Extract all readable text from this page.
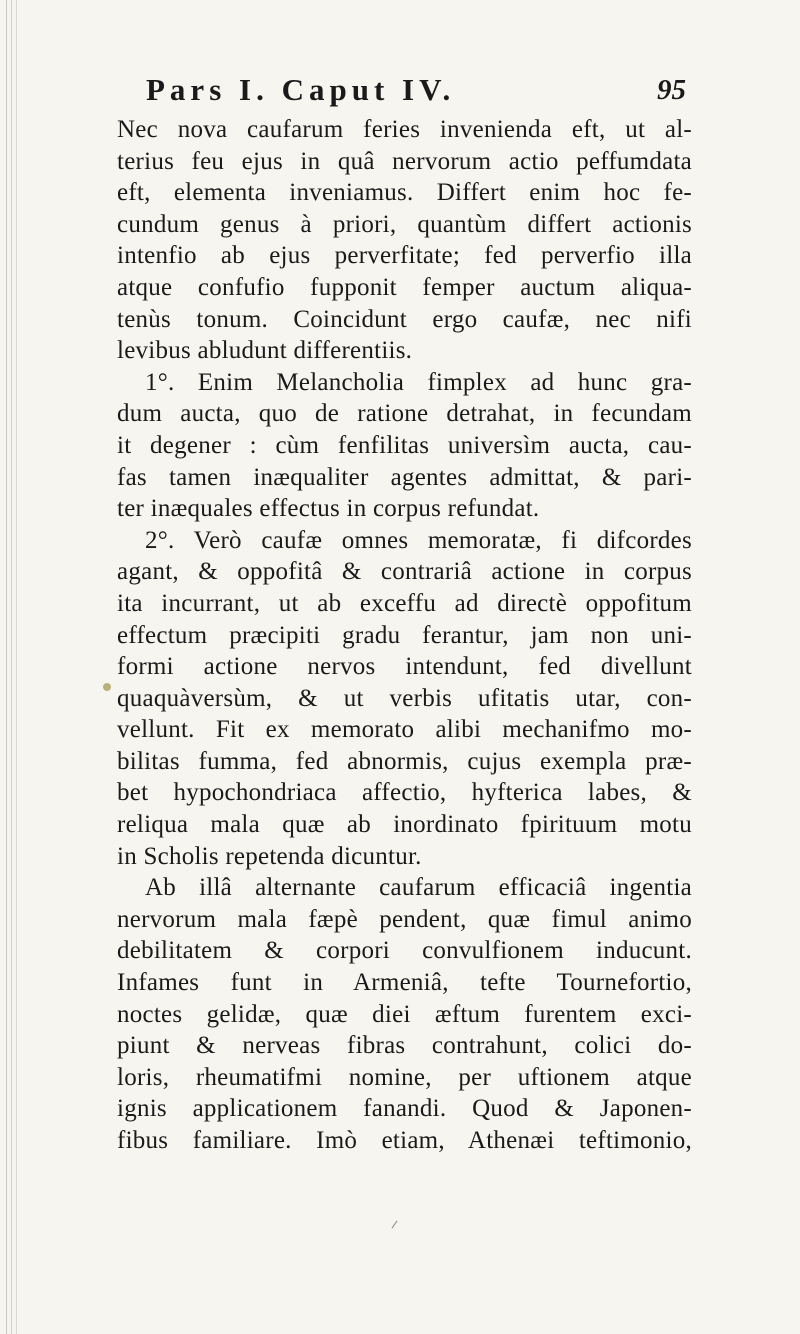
Pars I. Caput IV.	95
Nec nova caufarum feries invenienda eft, ut al-
terius feu ejus in quâ nervorum actio peffumdata
eft, elementa inveniamus. Differt enim hoc fe-
cundum genus à priori, quantùm differt actionis
intenfio ab ejus perverfitate; fed perverfio illa
atque confufio fupponit femper auctum aliqua-
tenùs tonum. Coincidunt ergo caufæ, nec nifi
levibus abludunt differentiis.
1°. Enim Melancholia fimplex ad hunc gra-
dum aucta, quo de ratione detrahat, in fecundam
it degener : cùm fenfilitas universìm aucta, cau-
fas tamen inæqualiter agentes admittat, & pari-
ter inæquales effectus in corpus refundat.
2°. Verò caufæ omnes memoratæ, fi difcordes
agant, & oppofitâ & contrariâ actione in corpus
ita incurrant, ut ab exceffu ad directè oppofitum
effectum præcipiti gradu ferantur, jam non uni-
formi actione nervos intendunt, fed divellunt
quaquàversùm, & ut verbis ufitatis utar, con-
vellunt. Fit ex memorato alibi mechanifmo mo-
bilitas fumma, fed abnormis, cujus exempla præ-
bet hypochondriaca affectio, hyfterica labes, &
reliqua mala quæ ab inordinato fpirituum motu
in Scholis repetenda dicuntur.
Ab illâ alternante caufarum efficaciâ ingentia
nervorum mala fæpè pendent, quæ fimul animo
debilitatem & corpori convulfionem inducunt.
Infames funt in Armeniâ, tefte Tournefortio,
noctes gelidæ, quæ diei æftum furentem exci-
piunt & nerveas fibras contrahunt, colici do-
loris, rheumatifmi nomine, per uftionem atque
ignis applicationem fanandi. Quod & Japonen-
fibus familiare. Imò etiam, Athenæi teftimonio,
